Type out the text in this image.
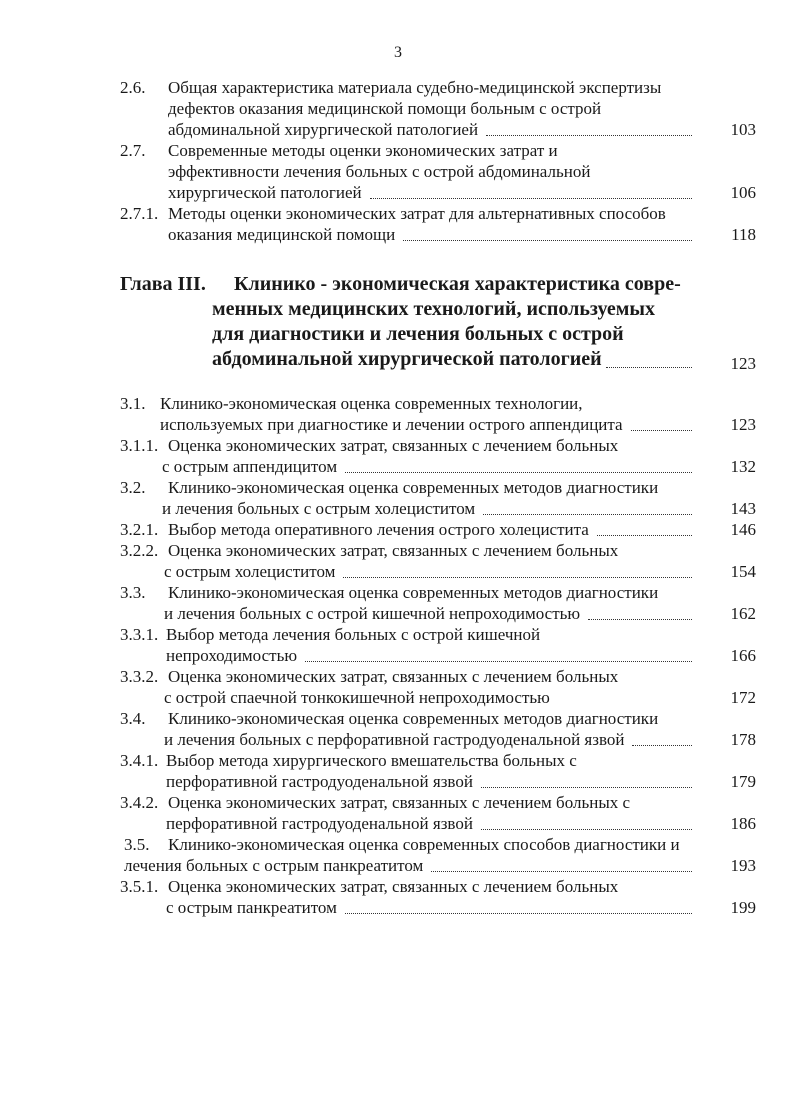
3
2.6. Общая характеристика материала судебно-медицинской экспертизы
дефектов оказания медицинской помощи больным с острой
абдоминальной хирургической патологией	103
2.7. Современные методы оценки экономических затрат и
эффективности лечения больных с острой абдоминальной
хирургической патологией	106
2.7.1. Методы оценки экономических затрат для альтернативных способов
оказания медицинской помощи	118
Глава III. Клинико - экономическая характеристика совре-
менных медицинских технологий, используемых
для диагностики и лечения больных с острой
абдоминальной хирургической патологией	123
3.1. Клинико-экономическая оценка современных технологии,
используемых при диагностике и лечении острого аппендицита	123
3.1.1. Оценка экономических затрат, связанных с лечением больных
с острым аппендицитом	132
3.2. Клинико-экономическая оценка современных методов диагностики
и лечения больных с острым холециститом	143
3.2.1. Выбор метода оперативного лечения острого холецистита	146
3.2.2. Оценка экономических затрат, связанных с лечением больных
с острым холециститом	154
3.3. Клинико-экономическая оценка современных методов диагностики
и лечения больных с острой кишечной непроходимостью	162
3.3.1. Выбор метода лечения больных с острой кишечной
непроходимостью	166
3.3.2. Оценка экономических затрат, связанных с лечением больных
с острой спаечной тонкокишечной непроходимостью	172
3.4. Клинико-экономическая оценка современных методов диагностики
и лечения больных с перфоративной гастродуоденальной язвой	178
3.4.1. Выбор метода хирургического вмешательства больных с
перфоративной гастродуоденальной язвой	179
3.4.2. Оценка экономических затрат, связанных с лечением больных с
перфоративной гастродуоденальной язвой	186
3.5. Клинико-экономическая оценка современных способов диагностики и
лечения больных с острым панкреатитом	193
3.5.1. Оценка экономических затрат, связанных с лечением больных
с острым панкреатитом	199
